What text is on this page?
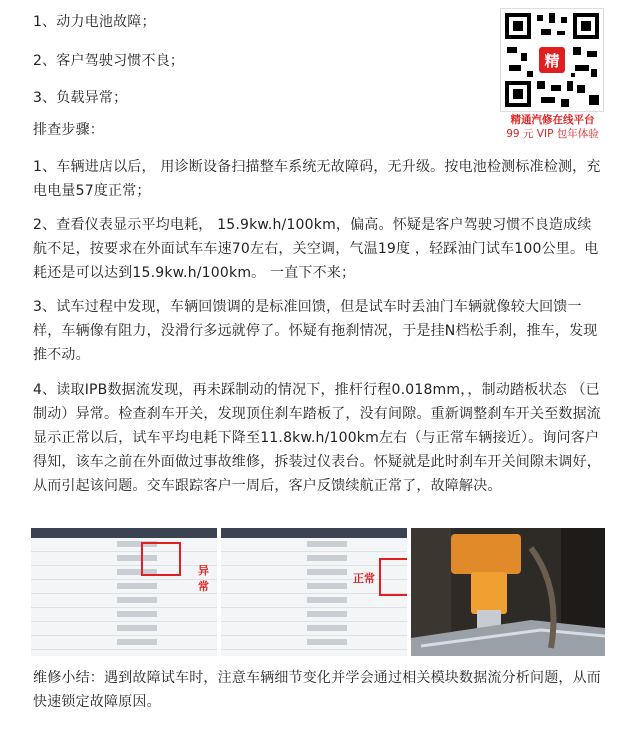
1、动力电池故障；

2、客户驾驶习惯不良；

3、负载异常；

排查步骤：

精
精通汽修在线平台
99 元 VIP 包年体验

1、车辆进店以后， 用诊断设备扫描整车系统无故障码，无升级。按电池检测标准检测，充电电量57度正常；

2、查看仪表显示平均电耗， 15.9kw.h/100km，偏高。怀疑是客户驾驶习惯不良造成续航不足，按要求在外面试车车速70左右，关空调，气温19度 ，轻踩油门试车100公里。电耗还是可以达到15.9kw.h/100km。 一直下不来；

3、试车过程中发现，车辆回馈调的是标准回馈，但是试车时丢油门车辆就像较大回馈一样，车辆像有阻力，没滑行多远就停了。怀疑有拖刹情况，于是挂N档松手刹，推车，发现推不动。

4、读取IPB数据流发现，再未踩制动的情况下，推杆行程0.018mm，，制动踏板状态 （已制动）异常。检查刹车开关，发现顶住刹车踏板了，没有间隙。重新调整刹车开关至数据流显示正常以后，试车平均电耗下降至11.8kw.h/100km左右（与正常车辆接近）。询问客户得知，该车之前在外面做过事故维修，拆装过仪表台。怀疑就是此时刹车开关间隙未调好，从而引起该问题。交车跟踪客户一周后，客户反馈续航正常了，故障解决。

异常
正常

维修小结：遇到故障试车时，注意车辆细节变化并学会通过相关模块数据流分析问题，从而快速锁定故障原因。
